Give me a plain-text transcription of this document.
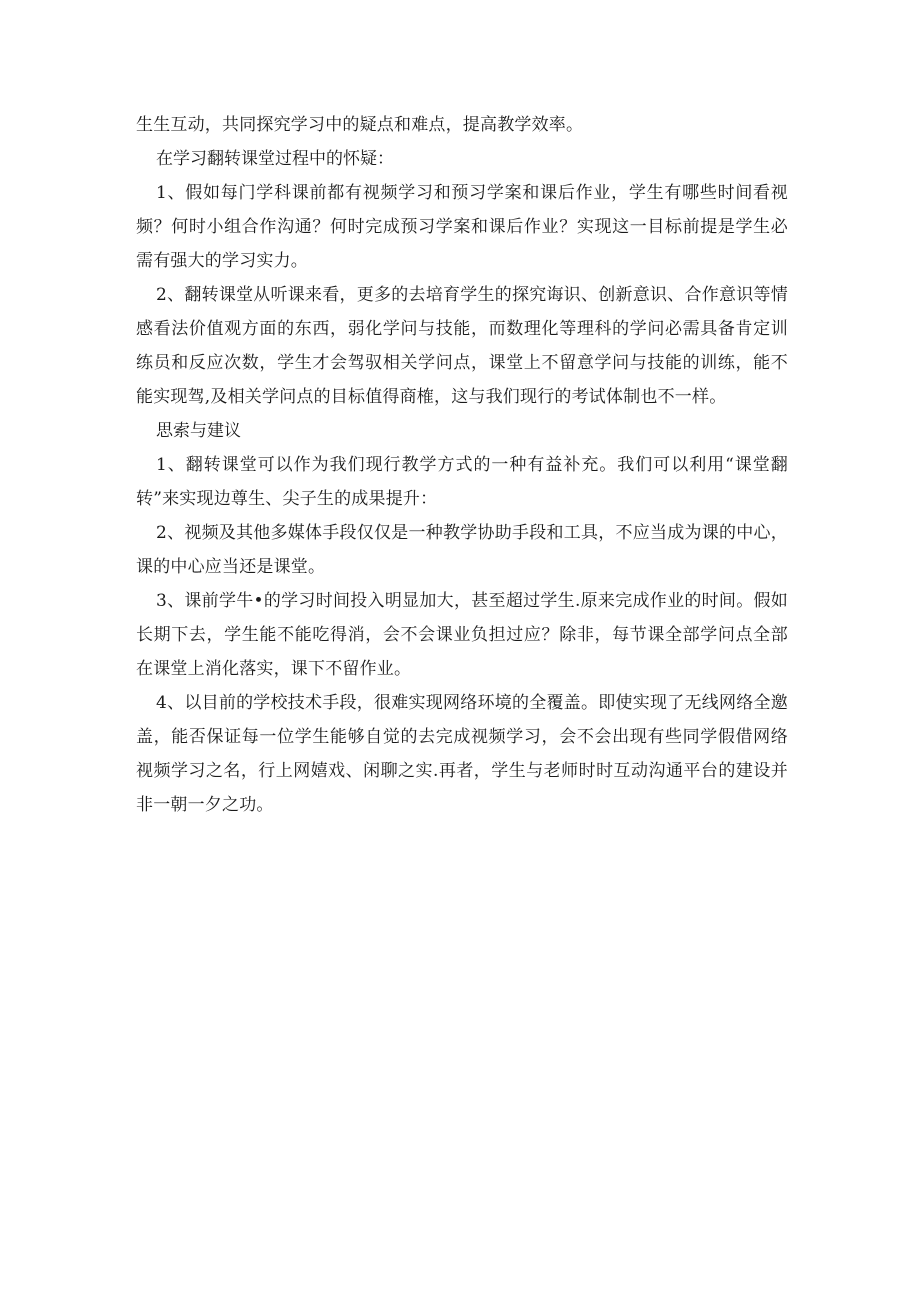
生生互动，共同探究学习中的疑点和难点，提高教学效率。

在学习翻转课堂过程中的怀疑：

1、假如每门学科课前都有视频学习和预习学案和课后作业，学生有哪些时间看视频？何时小组合作沟通？何时完成预习学案和课后作业？实现这一目标前提是学生必需有强大的学习实力。

2、翻转课堂从听课来看，更多的去培育学生的探究诲识、创新意识、合作意识等情感看法价值观方面的东西，弱化学问与技能，而数理化等理科的学问必需具备肯定训练员和反应次数，学生才会驾驭相关学问点，课堂上不留意学问与技能的训练，能不能实现驾,及相关学问点的目标值得商榷，这与我们现行的考试体制也不一样。

思索与建议

1、翻转课堂可以作为我们现行教学方式的一种有益补充。我们可以利用“课堂翻转”来实现边尊生、尖子生的成果提升：

2、视频及其他多媒体手段仅仅是一种教学协助手段和工具，不应当成为课的中心，课的中心应当还是课堂。

3、课前学牛•的学习时间投入明显加大，甚至超过学生.原来完成作业的时间。假如长期下去，学生能不能吃得消，会不会课业负担过应？除非，每节课全部学问点全部在课堂上消化落实，课下不留作业。

4、以目前的学校技术手段，很难实现网络环境的全覆盖。即使实现了无线网络全邀盖，能否保证每一位学生能够自觉的去完成视频学习，会不会出现有些同学假借网络视频学习之名，行上网嬉戏、闲聊之实.再者，学生与老师时时互动沟通平台的建设并非一朝一夕之功。
